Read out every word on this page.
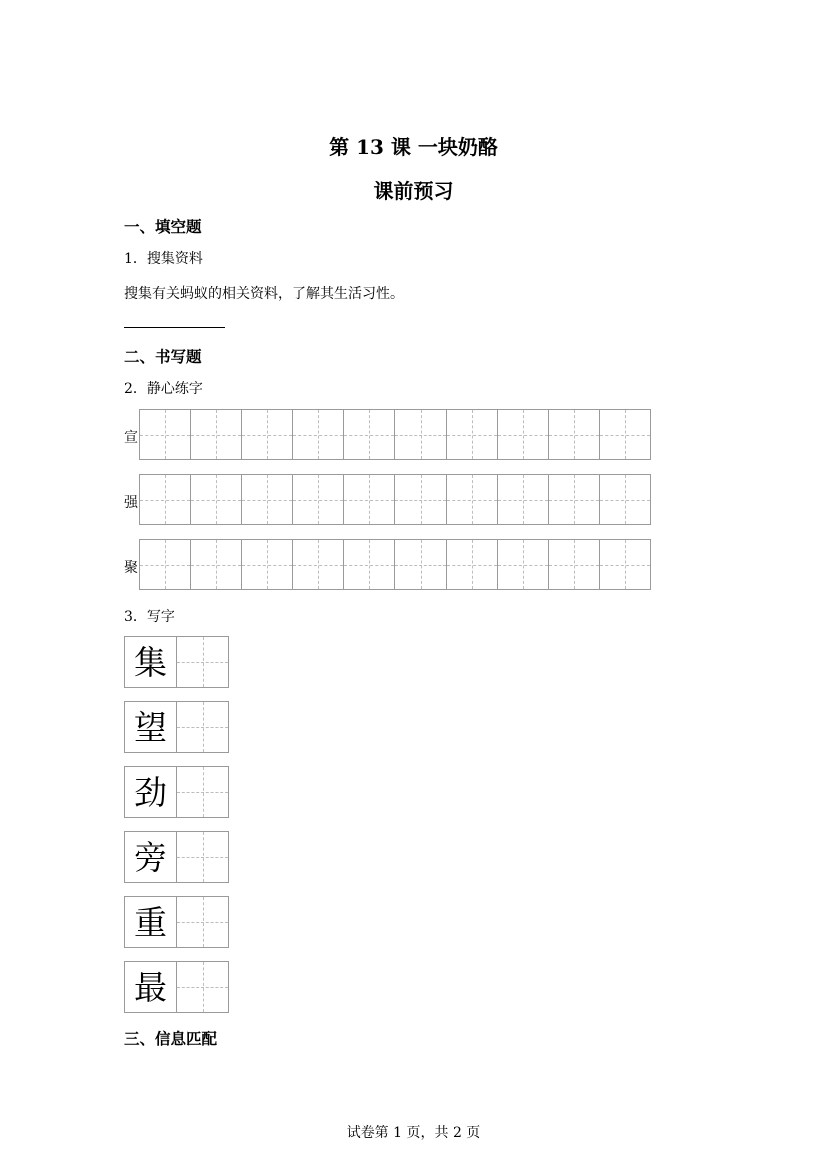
第 13 课 一块奶酪
课前预习
一、填空题
1．搜集资料
搜集有关蚂蚁的相关资料，了解其生活习性。
二、书写题
2．静心练字
宣
强
聚
3．写字
集
望
劲
旁
重
最
三、信息匹配
试卷第 1 页，共 2 页
